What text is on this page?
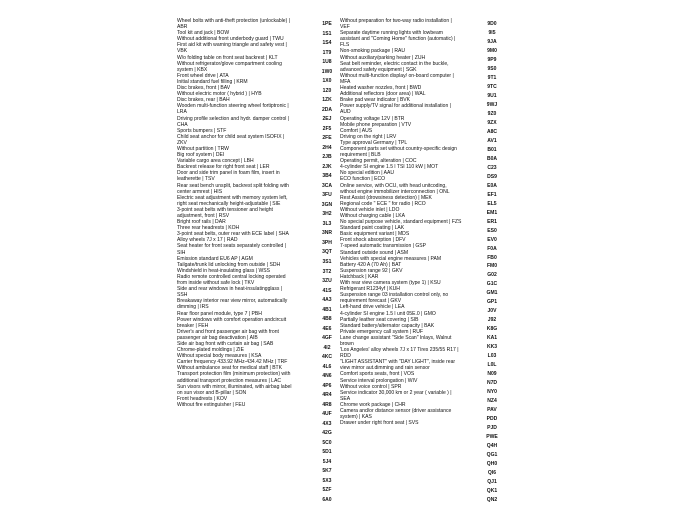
Wheel bolts with anti-theft protection (unlockable) | ABR
Tool kit and jack | BOW
Without additional front underbody guard | TWU
First aid kit with warning triangle and safety vest | VBK
W/o folding table on front seat backrest | KLT
Without refrigerator/glove compartment cooling system | KBX
Front wheel drive | ATA
Initial standard fuel filling | KRM
Disc brakes, front | BAV
Without electric motor ( hybrid ) | HYB
Disc brakes, rear | BAH
Wooden multi-function steering wheel fortiptronic | LRA
Driving profile selection and hydr. damper control | CHA
Sports bumpers | STF
Child seat anchor for child seat system ISOFIX | ZKV
Without partition | TRW
Big roof system | DEI
Variable cargo area concept | LBH
Backrest release for right front seat | LER
Door and side trim panel in foam film, insert in leatherette | TSV
Rear seat bench unsplit, backrest split folding with center armrest | HIS
Electric seat adjustment with memory system left, right seat mechanically height-adjustable | SIE
3-point seat belts with tensioner and height adjustment, front | RSV
Bright roof rails | DAR
Three rear headrests | KOH
3-point seat belts, outer rear with ECE label | SHA
Alloy wheels 7J x 17 | RAD
Seat heater for front seats separately controlled | SIH
Emission standard EU6 AP | AGM
Tailgate/trunk lid unlocking from outside | SDH
Windshield in heat-insulating glass | WSS
Radio remote controlled central locking operated from inside without safe lock | TKV
Side and rear windows in heat-insulatingglass | SSH
Breakaway interior rear view mirror, automatically dimming | IRS
Rear floor panel module, type 7 | PBH
Power windows with comfort operation andcircuit breaker | FEH
Driver's and front passenger air bag with front passenger air bag deactivation | AIB
Side air bag front with curtain air bag | SAB
Chrome-plated moldings | ZIE
Without special body measures | KSA
Carrier frequency 433.92 MHz-434.42 MHz | TRF
Without ambulance seat for medical staff | BTK
Transport protection film (minimum protection) with additional transport protection measures | LAC
Sun visors with mirror, illuminated, with airbag label on sun visor and B-pillar | SON
Front headrests | KOV
Without fire extinguisher | FEU
1PE
1S1
1S4
1T9
1U8
1W0
1X0
1Z0
1ZK
2DA
2EJ
2F5
2FE
2H4
2JB
2JK
3B4
3CA
3FU
3GN
3H2
3L3
3NR
3PH
3QT
3S1
3T2
3ZU
41S
4A3
4B1
4B8
4E6
4GF
4I2
4KC
4L6
4N6
4P6
4R4
4R8
4UF
4X3
42G
5C0
5D1
5J4
5K7
5X3
5ZF
6A0
Without preparation for two-way radio installation | VEF
Separate daytime running lights with lowbeam assistant and "Coming Home" function (automatic) | FLS
Non-smoking package | RAU
Without auxiliary/parking heater | ZUH
Seat belt reminder, electric contact in the buckle, advanced safety equipment | SGK
Without multi-function display/ on-board computer | MFA
Heated washer nozzles, front | BWD
Additional reflectors (door area) | WAL
Brake pad wear indicator | BVK
Power supply/TV signal for additional installation | AUD
Operating voltage 12V | BTR
Mobile phone preparation | VTV
Comfort | AUS
Driving on the right | LRV
Type approval Germany | TPL
Component parts set without country-specific design requirement | BLB
Operating permit, alteration | COC
4-cylinder SI engine 1.5 l TSI 110 kW | MOT
No special edition | AAU
ECO function | ECO
Online service, with OCU, with head unitcoding, without engine immobilizer interconnection | ONL
Rest Assist (drowsiness detection) | MEK
Regional code " ECE " for radio | RCO
Without vehicle inlet | LDO
Without charging cable | LKA
No special purpose vehicle, standard equipment | FZS
Standard paint coating | LAK
Basic equipment variant | MDS
Front shock absorption | DFV
7-speed automatic transmission | GSP
Standard outside sound | ASM
Vehicles with special engine measures | PAM
Battery 420 A (70 Ah) | BAT
Suspension range 92 | GKV
Hatchback | KAR
With rear view camera system (type 1) | KSU
Refrigerant R1234yf | KUH
Suspension range 03 installation control only, no requirement forecast | GKV
Left-hand drive vehicle | LEA
4-cylinder SI engine 1.5 l unit 05E.0 | GMO
Partially leather seat covering | SIB
Standard battery/alternator capacity | BAK
Private emergency call system | RUF
Lane change assistant "Side Scan" Inlays, Walnut brown
'Los Angeles' alloy wheels 7J x 17 Tires 235/55 R17 | RDD
"LIGHT ASSISTANT" with "DAY LIGHT", inside rear view mirror aut.dimming and rain sensor
Comfort sports seats, front | VOS
Service interval prolongation | WIV
Without voice control | SPR
Service indicator 30,000 km or 2 year ( variable ) | SEA
Chrome work package | CHR
Camera and/or distance sensor (driver assistance system) | KAS
Drawer under right front seat | SVS
9D0
9I5
9JA
9M0
9P9
9S0
9T1
9TC
9U1
9WJ
9Z0
9ZX
A8C
AV1
B01
B0A
C23
DS9
E0A
EF1
EL5
EM1
ER1
ES0
EV0
F0A
FB0
FM0
G02
G1C
GM1
GP1
J0V
J92
K8G
KA1
KK3
L03
L0L
N09
N7D
NY0
NZ4
PAV
PDD
PJD
PWE
Q4H
QG1
QH0
QI6
QJ1
QK1
QN2
